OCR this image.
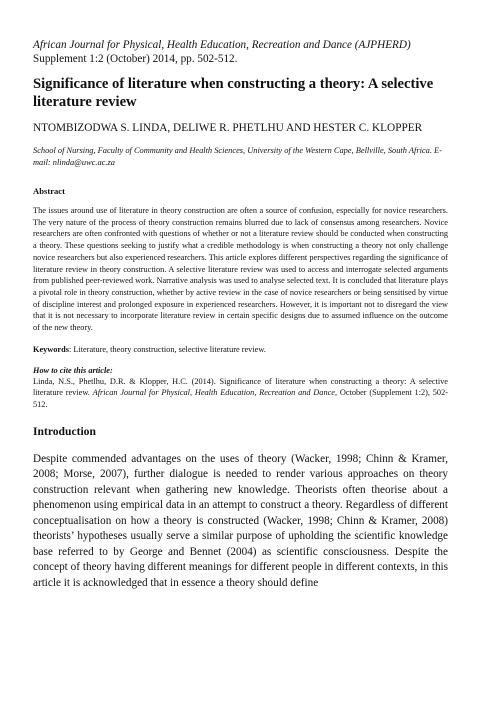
African Journal for Physical, Health Education, Recreation and Dance (AJPHERD) Supplement 1:2 (October) 2014, pp. 502-512.

Significance of literature when constructing a theory: A selective literature review

NTOMBIZODWA S. LINDA, DELIWE R. PHETLHU AND HESTER C. KLOPPER

School of Nursing, Faculty of Community and Health Sciences, University of the Western Cape, Bellville, South Africa. E-mail: nlinda@uwc.ac.za

Abstract

The issues around use of literature in theory construction are often a source of confusion, especially for novice researchers. The very nature of the process of theory construction remains blurred due to lack of consensus among researchers. Novice researchers are often confronted with questions of whether or not a literature review should be conducted when constructing a theory. These questions seeking to justify what a credible methodology is when constructing a theory not only challenge novice researchers but also experienced researchers. This article explores different perspectives regarding the significance of literature review in theory construction. A selective literature review was used to access and interrogate selected arguments from published peer-reviewed work. Narrative analysis was used to analyse selected text. It is concluded that literature plays a pivotal role in theory construction, whether by active review in the case of novice researchers or being sensitised by virtue of discipline interest and prolonged exposure in experienced researchers. However, it is important not to disregard the view that it is not necessary to incorporate literature review in certain specific designs due to assumed influence on the outcome of the new theory.

Keywords: Literature, theory construction, selective literature review.

How to cite this article:

Linda, N.S., Phetlhu, D.R. & Klopper, H.C. (2014). Significance of literature when constructing a theory: A selective literature review. African Journal for Physical, Health Education, Recreation and Dance, October (Supplement 1:2), 502-512.

Introduction

Despite commended advantages on the uses of theory (Wacker, 1998; Chinn & Kramer, 2008; Morse, 2007), further dialogue is needed to render various approaches on theory construction relevant when gathering new knowledge. Theorists often theorise about a phenomenon using empirical data in an attempt to construct a theory. Regardless of different conceptualisation on how a theory is constructed (Wacker, 1998; Chinn & Kramer, 2008) theorists’ hypotheses usually serve a similar purpose of upholding the scientific knowledge base referred to by George and Bennet (2004) as scientific consciousness. Despite the concept of theory having different meanings for different people in different contexts, in this article it is acknowledged that in essence a theory should define
